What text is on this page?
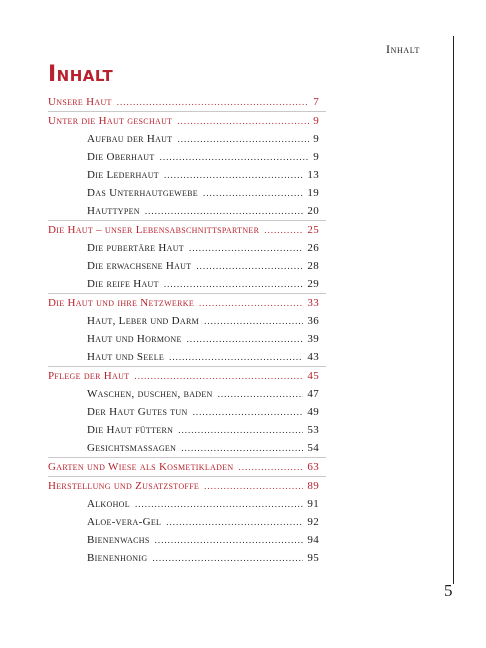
Inhalt
Inhalt
Unsere Haut .....	7
Unter die Haut geschaut .....	9
Aufbau der Haut .....	9
Die Oberhaut .....	9
Die Lederhaut .....	13
Das Unterhautgewebe .....	19
Hauttypen .....	20
Die Haut – unser Lebensabschnittspartner .....	25
Die pubertäre Haut .....	26
Die erwachsene Haut .....	28
Die reife Haut .....	29
Die Haut und ihre Netzwerke .....	33
Haut, Leber und Darm .....	36
Haut und Hormone .....	39
Haut und Seele .....	43
Pflege der Haut .....	45
Waschen, duschen, baden .....	47
Der Haut Gutes tun .....	49
Die Haut füttern .....	53
Gesichtsmassagen .....	54
Garten und Wiese als Kosmetikladen .....	63
Herstellung und Zusatzstoffe .....	89
Alkohol .....	91
Aloe-vera-Gel .....	92
Bienenwachs .....	94
Bienenhonig .....	95
5
